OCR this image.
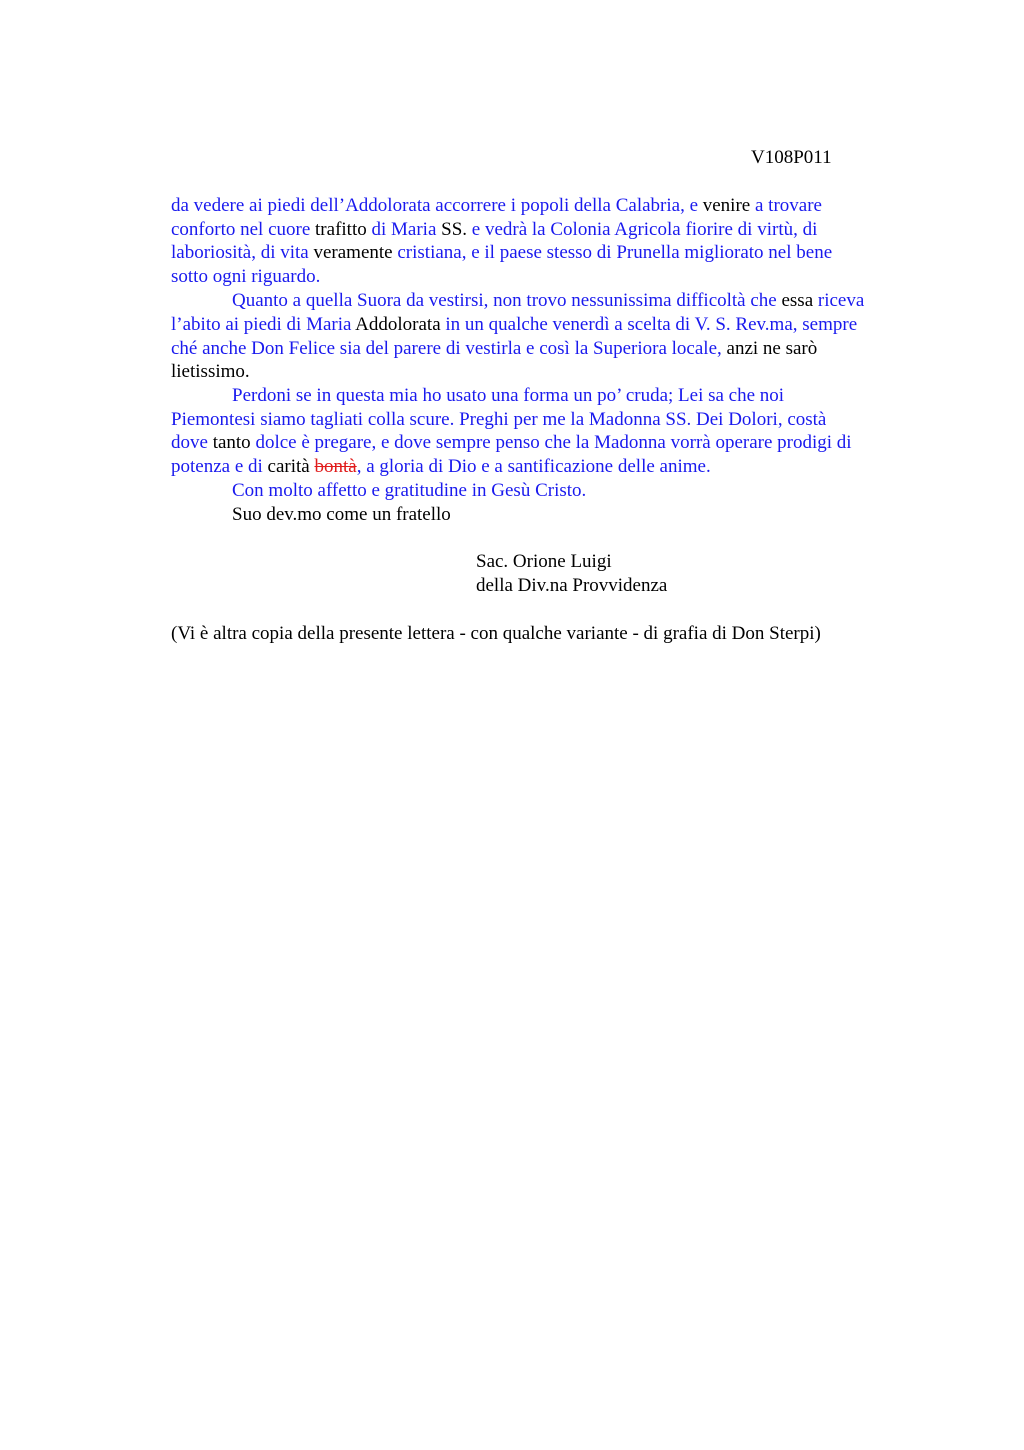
V108P011
da vedere ai piedi dell’Addolorata accorrere i popoli della Calabria, e venire a trovare
conforto nel cuore trafitto di Maria SS. e vedrà la Colonia Agricola fiorire di virtù, di
laboriosità, di vita veramente cristiana, e il paese stesso di Prunella migliorato nel bene
sotto ogni riguardo.
Quanto a quella Suora da vestirsi, non trovo nessunissima difficoltà che essa riceva
l’abito ai piedi di Maria Addolorata in un qualche venerdì a scelta di V. S. Rev.ma, sempre
ché anche Don Felice sia del parere di vestirla e così la Superiora locale, anzi ne sarò
lietissimo.
Perdoni se in questa mia ho usato una forma un po’ cruda; Lei sa che noi
Piemontesi siamo tagliati colla scure. Preghi per me la Madonna SS. Dei Dolori, costà
dove tanto dolce è pregare, e dove sempre penso che la Madonna vorrà operare prodigi di
potenza e di carità bontà, a gloria di Dio e a santificazione delle anime.
Con molto affetto e gratitudine in Gesù Cristo.
Suo dev.mo come un fratello
Sac. Orione Luigi
della Div.na Provvidenza
(Vi è altra copia della presente lettera - con qualche variante - di grafia di Don Sterpi)
